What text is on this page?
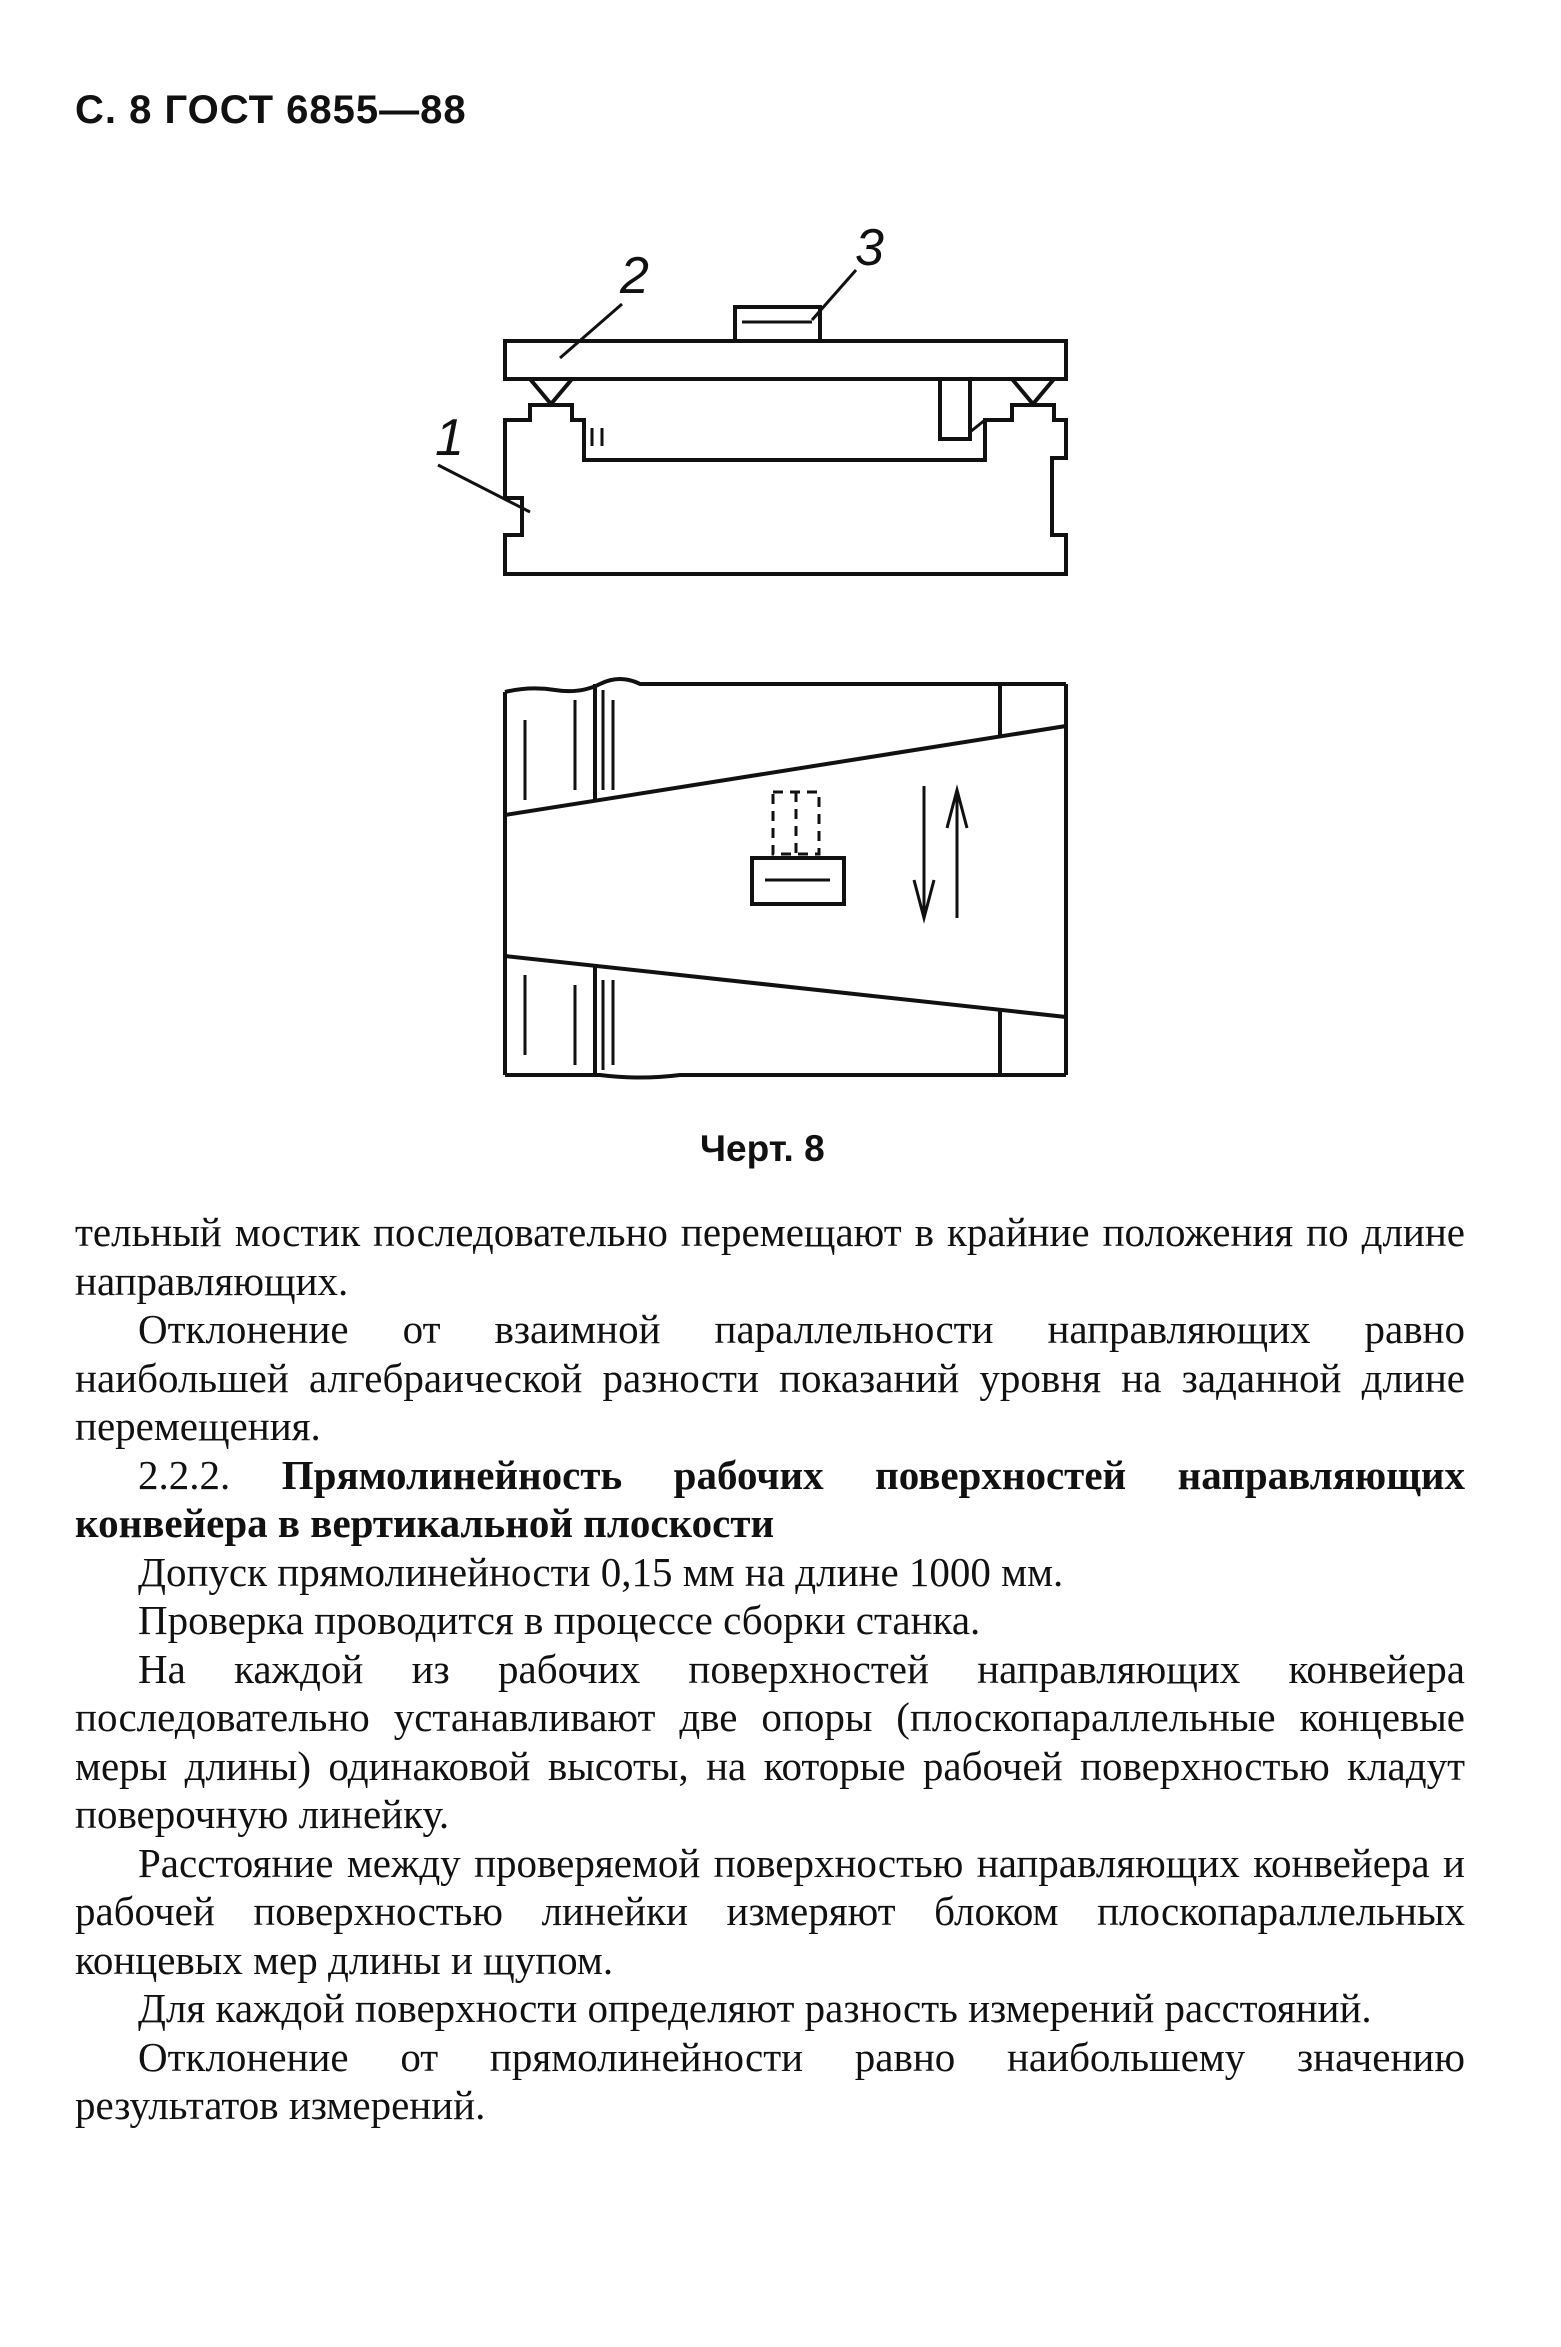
С. 8 ГОСТ 6855—88
1
2	3
Черт. 8

тельный мостик последовательно перемещают в крайние положения по длине направляющих.

Отклонение от взаимной параллельности направляющих равно наибольшей алгебраической разности показаний уровня на заданной длине перемещения.

2.2.2. Прямолинейность рабочих поверхностей направляющих конвейера в вертикальной плоскости

Допуск прямолинейности 0,15 мм на длине 1000 мм.

Проверка проводится в процессе сборки станка.

На каждой из рабочих поверхностей направляющих конвейера последовательно устанавливают две опоры (плоскопараллельные концевые меры длины) одинаковой высоты, на которые рабочей поверхностью кладут поверочную линейку.

Расстояние между проверяемой поверхностью направляющих конвейера и рабочей поверхностью линейки измеряют блоком плоскопараллельных концевых мер длины и щупом.

Для каждой поверхности определяют разность измерений расстояний.

Отклонение от прямолинейности равно наибольшему значению результатов измерений.
